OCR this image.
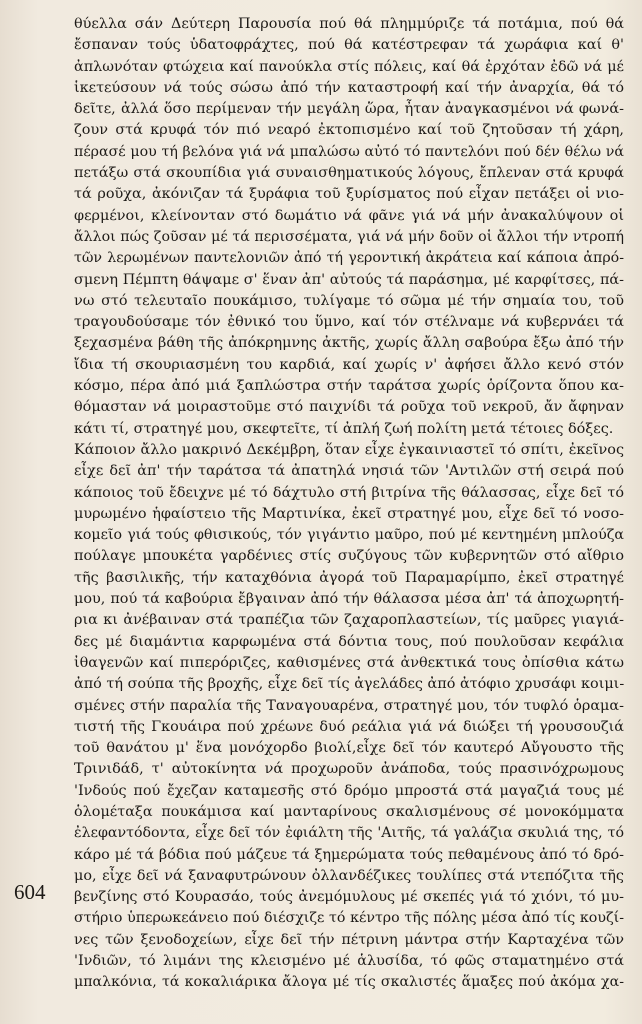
θύελλα σάν Δεύτερη Παρουσία πού θά πλημμύριζε τά ποτάμια, πού θά
ἔσπαναν τούς ὑδατοφράχτες, πού θά κατέστρεφαν τά χωράφια καί θ'
ἀπλωνόταν φτώχεια καί πανούκλα στίς πόλεις, καί θά ἐρχόταν ἐδῶ νά μέ
ἱκετεύσουν νά τούς σώσω ἀπό τήν καταστροφή καί τήν ἀναρχία, θά τό
δεῖτε, ἀλλά ὅσο περίμεναν τήν μεγάλη ὥρα, ἦταν ἀναγκασμένοι νά φωνά-
ζουν στά κρυφά τόν πιό νεαρό ἐκτοπισμένο καί τοῦ ζητοῦσαν τή χάρη,
πέρασέ μου τή βελόνα γιά νά μπαλώσω αὐτό τό παντελόνι πού δέν θέλω νά
πετάξω στά σκουπίδια γιά συναισθηματικούς λόγους, ἔπλεναν στά κρυφά
τά ροῦχα, ἀκόνιζαν τά ξυράφια τοῦ ξυρίσματος πού εἶχαν πετάξει οἱ νιο-
φερμένοι, κλείνονταν στό δωμάτιο νά φᾶνε γιά νά μήν ἀνακαλύψουν οἱ
ἄλλοι πώς ζοῦσαν μέ τά περισσέματα, γιά νά μήν δοῦν οἱ ἄλλοι τήν ντροπή
τῶν λερωμένων παντελονιῶν ἀπό τή γεροντική ἀκράτεια καί κάποια ἀπρό-
σμενη Πέμπτη θάψαμε σ' ἕναν ἀπ' αὐτούς τά παράσημα, μέ καρφίτσες, πά-
νω στό τελευταῖο πουκάμισο, τυλίγαμε τό σῶμα μέ τήν σημαία του, τοῦ
τραγουδούσαμε τόν ἐθνικό του ὕμνο, καί τόν στέλναμε νά κυβερνάει τά
ξεχασμένα βάθη τῆς ἀπόκρημνης ἀκτῆς, χωρίς ἄλλη σαβούρα ἔξω ἀπό τήν
ἴδια τή σκουριασμένη του καρδιά, καί χωρίς ν' ἀφήσει ἄλλο κενό στόν
κόσμο, πέρα ἀπό μιά ξαπλώστρα στήν ταράτσα χωρίς ὁρίζοντα ὅπου κα-
θόμασταν νά μοιραστοῦμε στό παιχνίδι τά ροῦχα τοῦ νεκροῦ, ἄν ἄφηναν
κάτι τί, στρατηγέ μου, σκεφτεῖτε, τί ἀπλή ζωή πολίτη μετά τέτοιες δόξες.
Κάποιον ἄλλο μακρινό Δεκέμβρη, ὅταν εἶχε ἐγκαινιαστεῖ τό σπίτι, ἐκεῖνος
εἶχε δεῖ ἀπ' τήν ταράτσα τά ἀπατηλά νησιά τῶν 'Αντιλῶν στή σειρά πού
κάποιος τοῦ ἔδειχνε μέ τό δάχτυλο στή βιτρίνα τῆς θάλασσας, εἶχε δεῖ τό
μυρωμένο ἡφαίστειο τῆς Μαρτινίκα, ἐκεῖ στρατηγέ μου, εἶχε δεῖ τό νοσο-
κομεῖο γιά τούς φθισικούς, τόν γιγάντιο μαῦρο, πού μέ κεντημένη μπλούζα
πούλαγε μπουκέτα γαρδένιες στίς συζύγους τῶν κυβερνητῶν στό αἴθριο
τῆς βασιλικῆς, τήν καταχθόνια ἀγορά τοῦ Παραμαρίμπο, ἐκεῖ στρατηγέ
μου, πού τά καβούρια ἔβγαιναν ἀπό τήν θάλασσα μέσα ἀπ' τά ἀποχωρητή-
ρια κι ἀνέβαιναν στά τραπέζια τῶν ζαχαροπλαστείων, τίς μαῦρες γιαγιά-
δες μέ διαμάντια καρφωμένα στά δόντια τους, πού πουλοῦσαν κεφάλια
ἰθαγενῶν καί πιπερόριζες, καθισμένες στά ἀνθεκτικά τους ὀπίσθια κάτω
ἀπό τή σούπα τῆς βροχῆς, εἶχε δεῖ τίς ἀγελάδες ἀπό ἀτόφιο χρυσάφι κοιμι-
σμένες στήν παραλία τῆς Ταναγουαρένα, στρατηγέ μου, τόν τυφλό ὁραμα-
τιστή τῆς Γκουάιρα πού χρέωνε δυό ρεάλια γιά νά διώξει τή γρουσουζιά
τοῦ θανάτου μ' ἕνα μονόχορδο βιολί,εἶχε δεῖ τόν καυτερό Αὔγουστο τῆς
Τρινιδάδ, τ' αὐτοκίνητα νά προχωροῦν ἀνάποδα, τούς πρασινόχρωμους
'Ινδούς πού ἔχεζαν καταμεσῆς στό δρόμο μπροστά στά μαγαζιά τους μέ
ὁλομέταξα πουκάμισα καί μανταρίνους σκαλισμένους σέ μονοκόμματα
ἐλεφαντόδοντα, εἶχε δεῖ τόν ἐφιάλτη τῆς 'Αιτῆς, τά γαλάζια σκυλιά της, τό
κάρο μέ τά βόδια πού μάζευε τά ξημερώματα τούς πεθαμένους ἀπό τό δρό-
μο, εἶχε δεῖ νά ξαναφυτρώνουν ὀλλανδέζικες τουλίπες στά ντεπόζιτα τῆς
βενζίνης στό Κουρασάο, τούς ἀνεμόμυλους μέ σκεπές γιά τό χιόνι, τό μυ-
στήριο ὑπερωκεάνειο πού διέσχιζε τό κέντρο τῆς πόλης μέσα ἀπό τίς κουζί-
νες τῶν ξενοδοχείων, εἶχε δεῖ τήν πέτρινη μάντρα στήν Καρταχένα τῶν
'Ινδιῶν, τό λιμάνι της κλεισμένο μέ ἁλυσίδα, τό φῶς σταματημένο στά
μπαλκόνια, τά κοκαλιάρικα ἄλογα μέ τίς σκαλιστές ἅμαξες πού ἀκόμα χα-
604
